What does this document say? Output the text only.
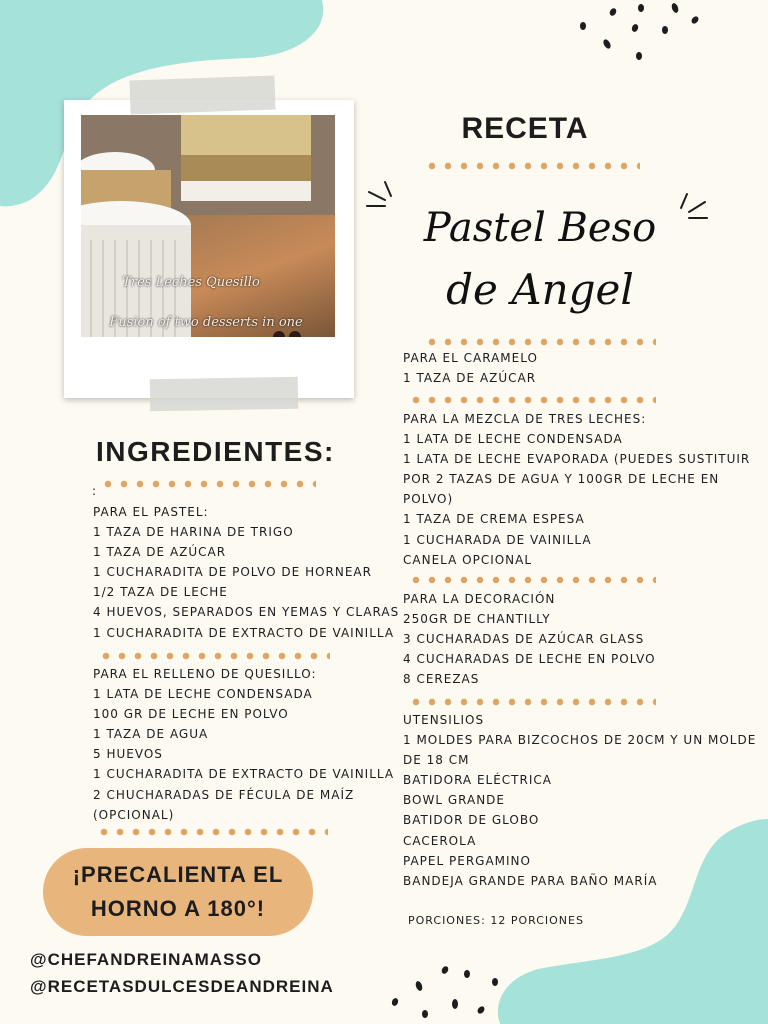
Tres Leches Quesillo
Fusion of two desserts in one
RECETA
Pastel Beso
de Angel
INGREDIENTES:
:
PARA EL PASTEL:
1 TAZA DE HARINA DE TRIGO
1 TAZA DE AZÚCAR
1 CUCHARADITA DE POLVO DE HORNEAR
1/2 TAZA DE LECHE
4 HUEVOS, SEPARADOS EN YEMAS Y CLARAS
1 CUCHARADITA DE EXTRACTO DE VAINILLA
PARA EL RELLENO DE QUESILLO:
1 LATA DE LECHE CONDENSADA
100 GR DE LECHE EN POLVO
1 TAZA DE AGUA
5 HUEVOS
1 CUCHARADITA DE EXTRACTO DE VAINILLA
2 CHUCHARADAS DE FÉCULA DE MAÍZ
(OPCIONAL)
¡PRECALIENTA EL
HORNO A 180°!
@CHEFANDREINAMASSO
@RECETASDULCESDEANDREINA
PARA EL CARAMELO
1 TAZA DE AZÚCAR
PARA LA MEZCLA DE TRES LECHES:
1 LATA DE LECHE CONDENSADA
1 LATA DE LECHE EVAPORADA (PUEDES SUSTITUIR
POR 2 TAZAS DE AGUA Y 100GR DE LECHE EN
POLVO)
1 TAZA DE CREMA ESPESA
1 CUCHARADA DE VAINILLA
CANELA OPCIONAL
PARA LA DECORACIÓN
250GR DE CHANTILLY
3 CUCHARADAS DE AZÚCAR GLASS
4 CUCHARADAS DE LECHE EN POLVO
8 CEREZAS
UTENSILIOS
1 MOLDES PARA BIZCOCHOS DE 20CM Y UN MOLDE
DE 18 CM
BATIDORA ELÉCTRICA
BOWL GRANDE
BATIDOR DE GLOBO
CACEROLA
PAPEL PERGAMINO
BANDEJA GRANDE PARA BAÑO MARÍA
PORCIONES: 12 PORCIONES
